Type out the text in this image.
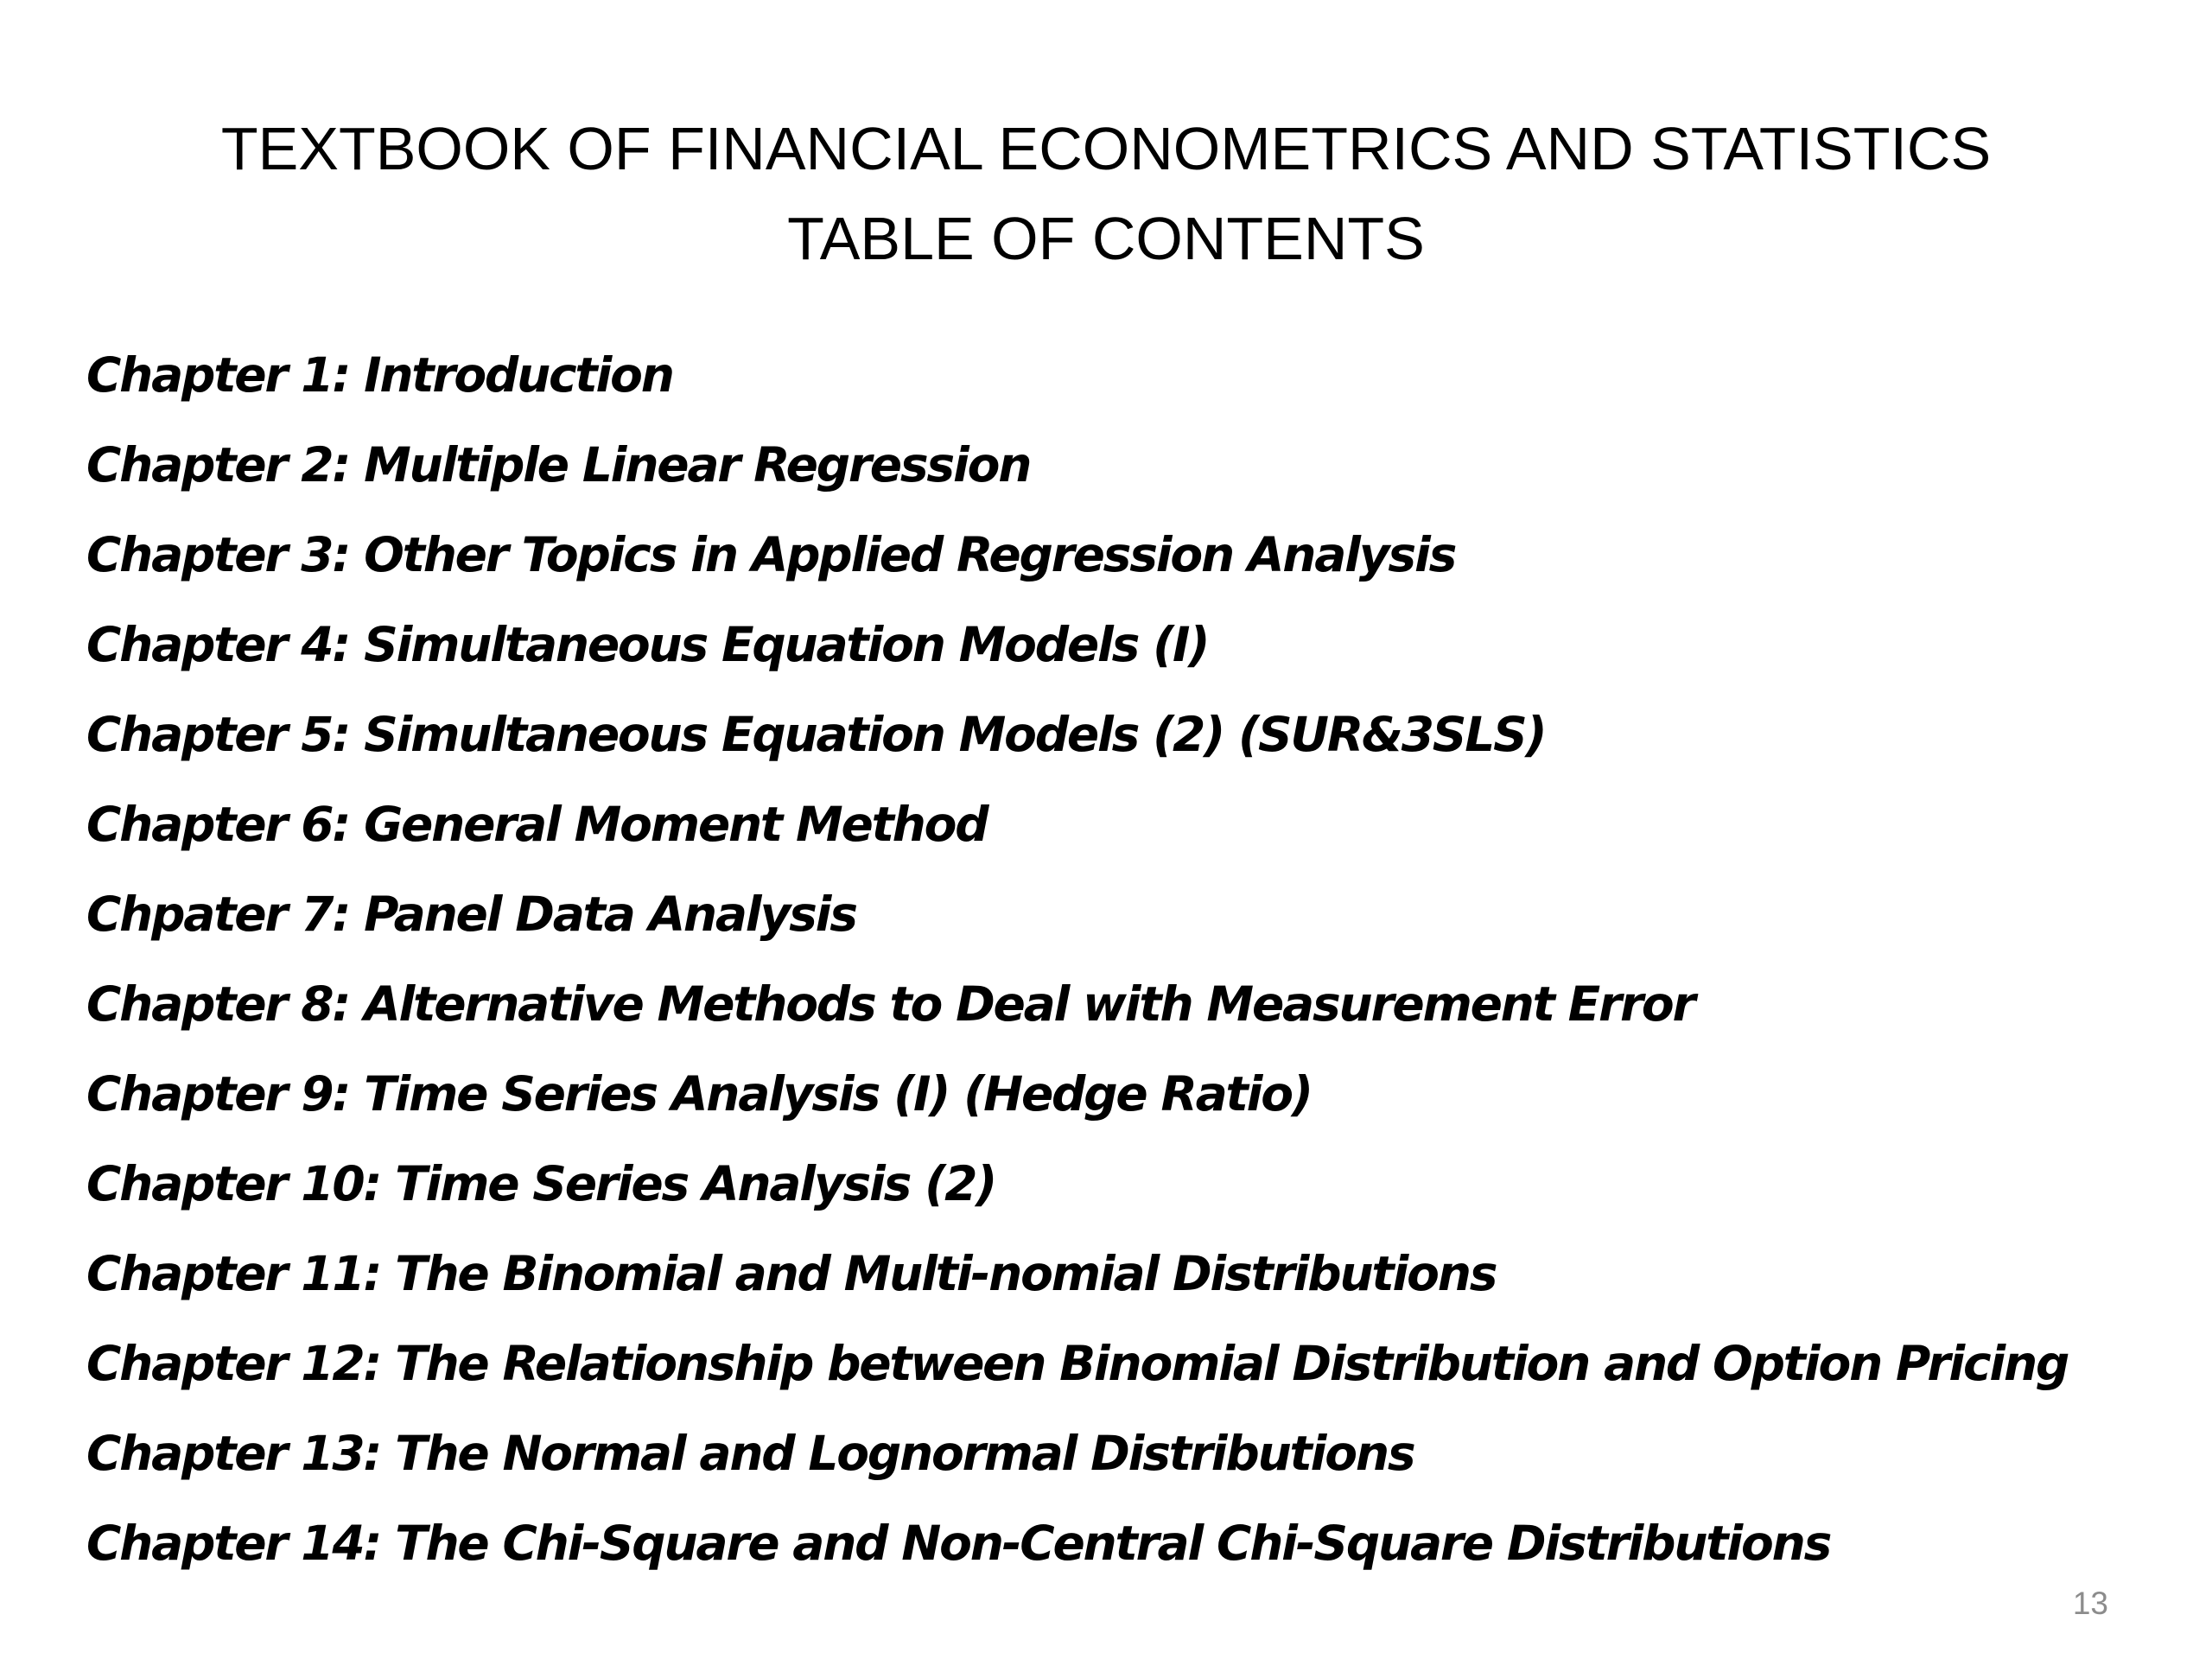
TEXTBOOK OF FINANCIAL ECONOMETRICS AND STATISTICS
TABLE OF CONTENTS
Chapter 1: Introduction
Chapter 2: Multiple Linear Regression
Chapter 3: Other Topics in Applied Regression Analysis
Chapter 4: Simultaneous Equation Models (I)
Chapter 5: Simultaneous Equation Models (2) (SUR&3SLS)
Chapter 6: General Moment Method
Chpater 7: Panel Data Analysis
Chapter 8: Alternative Methods to Deal with Measurement Error
Chapter 9: Time Series Analysis (I) (Hedge Ratio)
Chapter 10: Time Series Analysis (2)
Chapter 11: The Binomial and Multi-nomial Distributions
Chapter 12: The Relationship between Binomial Distribution and Option Pricing
Chapter 13: The Normal and Lognormal Distributions
Chapter 14: The Chi-Square and Non-Central Chi-Square Distributions
13
